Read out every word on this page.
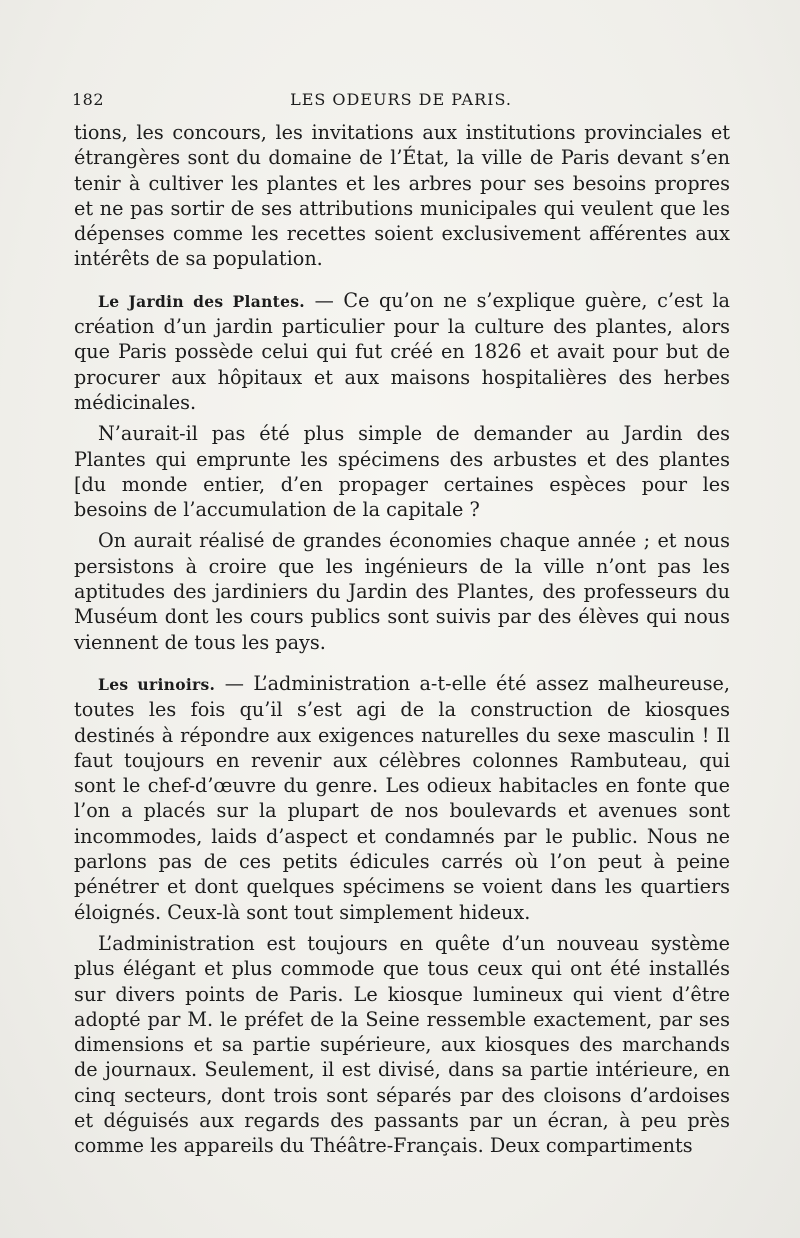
182	LES ODEURS DE PARIS.

tions, les concours, les invitations aux institutions provinciales et étrangères sont du domaine de l’État, la ville de Paris devant s’en tenir à cultiver les plantes et les arbres pour ses besoins propres et ne pas sortir de ses attributions municipales qui veulent que les dépenses comme les recettes soient exclusivement afférentes aux intérêts de sa population.

Le Jardin des Plantes. — Ce qu’on ne s’explique guère, c’est la création d’un jardin particulier pour la culture des plantes, alors que Paris possède celui qui fut créé en 1826 et avait pour but de procurer aux hôpitaux et aux maisons hospitalières des herbes médicinales.

N’aurait-il pas été plus simple de demander au Jardin des Plantes qui emprunte les spécimens des arbustes et des plantes [du monde entier, d’en propager certaines espèces pour les besoins de l’accumulation de la capitale ?

On aurait réalisé de grandes économies chaque année ; et nous persistons à croire que les ingénieurs de la ville n’ont pas les aptitudes des jardiniers du Jardin des Plantes, des professeurs du Muséum dont les cours publics sont suivis par des élèves qui nous viennent de tous les pays.

Les urinoirs. — L’administration a-t-elle été assez malheureuse, toutes les fois qu’il s’est agi de la construction de kiosques destinés à répondre aux exigences naturelles du sexe masculin ! Il faut toujours en revenir aux célèbres colonnes Rambuteau, qui sont le chef-d’œuvre du genre. Les odieux habitacles en fonte que l’on a placés sur la plupart de nos boulevards et avenues sont incommodes, laids d’aspect et condamnés par le public. Nous ne parlons pas de ces petits édicules carrés où l’on peut à peine pénétrer et dont quelques spécimens se voient dans les quartiers éloignés. Ceux-là sont tout simplement hideux.

L’administration est toujours en quête d’un nouveau système plus élégant et plus commode que tous ceux qui ont été installés sur divers points de Paris. Le kiosque lumineux qui vient d’être adopté par M. le préfet de la Seine ressemble exactement, par ses dimensions et sa partie supérieure, aux kiosques des marchands de journaux. Seulement, il est divisé, dans sa partie intérieure, en cinq secteurs, dont trois sont séparés par des cloisons d’ardoises et déguisés aux regards des passants par un écran, à peu près comme les appareils du Théâtre-Français. Deux compartiments
